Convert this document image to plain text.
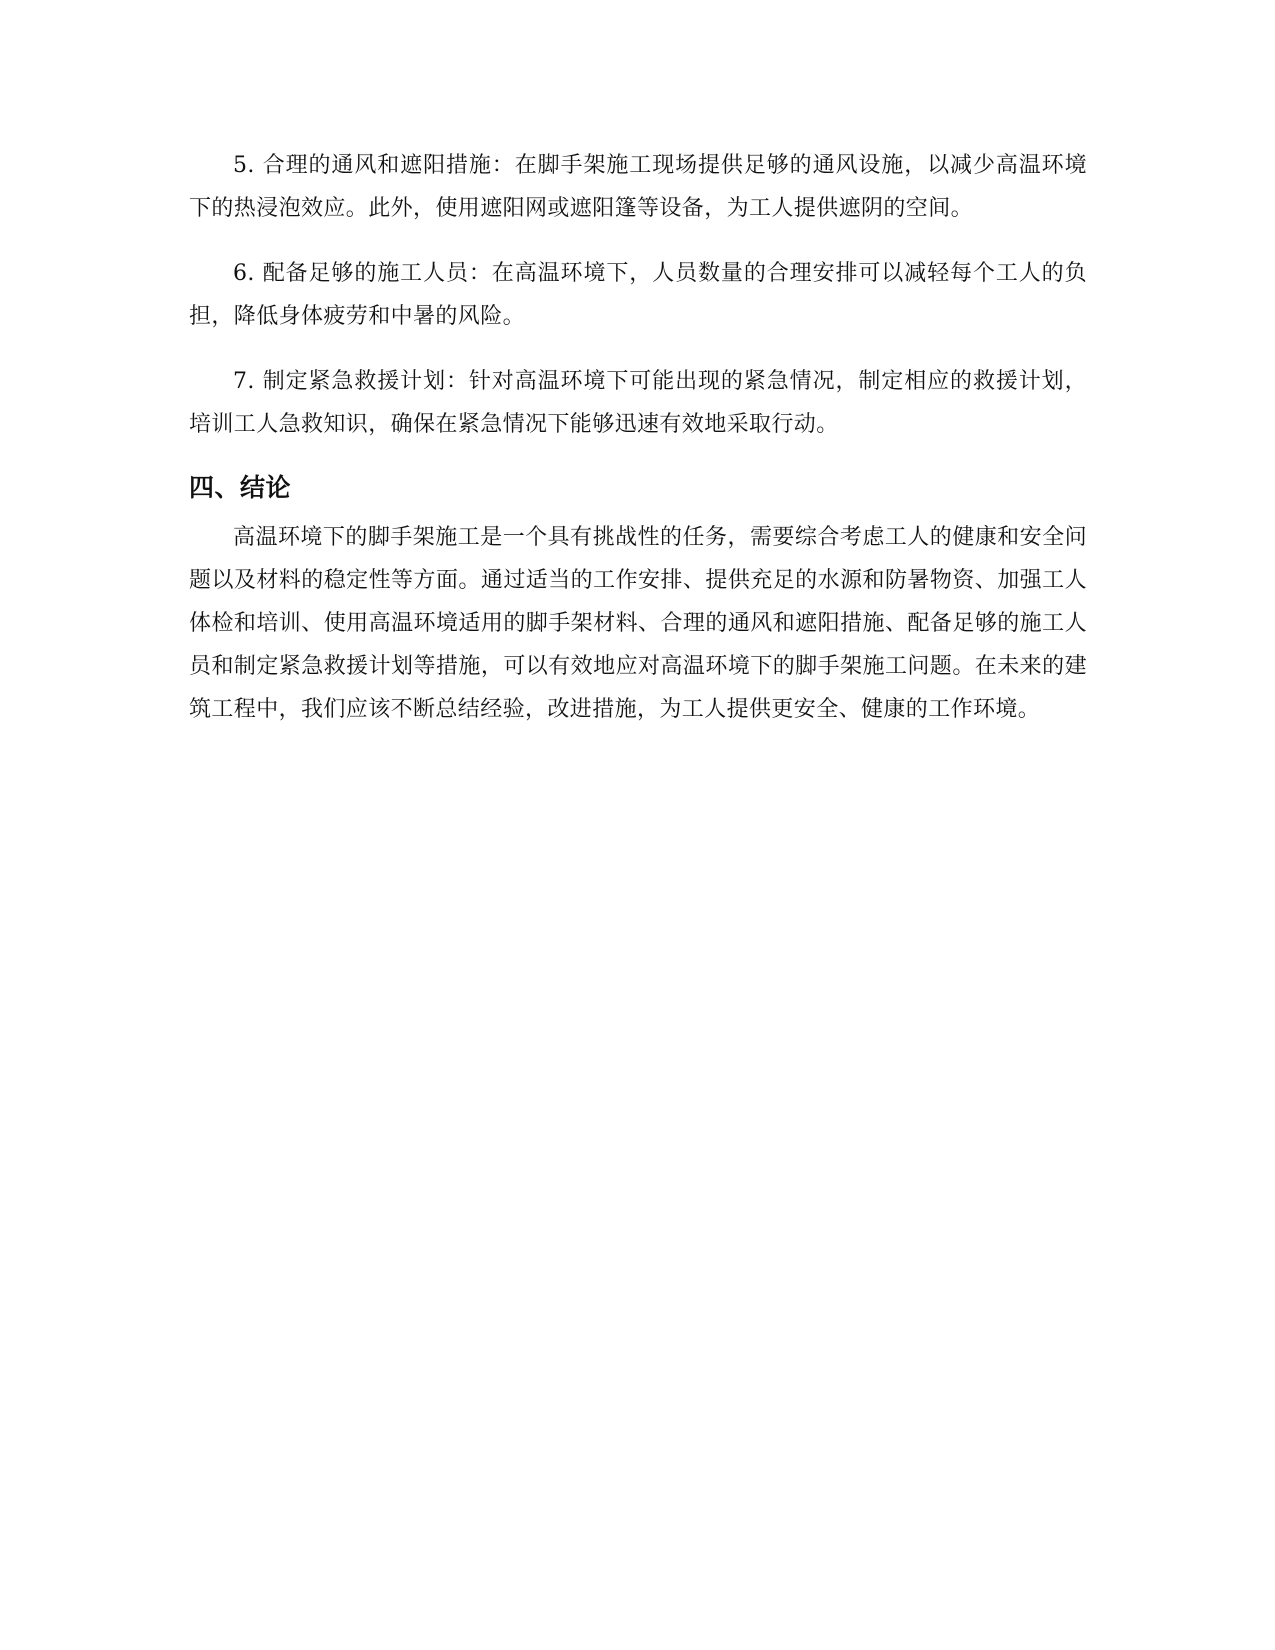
5. 合理的通风和遮阳措施：在脚手架施工现场提供足够的通风设施，以减少高温环境下的热浸泡效应。此外，使用遮阳网或遮阳篷等设备，为工人提供遮阴的空间。

6. 配备足够的施工人员：在高温环境下，人员数量的合理安排可以减轻每个工人的负担，降低身体疲劳和中暑的风险。

7. 制定紧急救援计划：针对高温环境下可能出现的紧急情况，制定相应的救援计划，培训工人急救知识，确保在紧急情况下能够迅速有效地采取行动。

四、结论

高温环境下的脚手架施工是一个具有挑战性的任务，需要综合考虑工人的健康和安全问题以及材料的稳定性等方面。通过适当的工作安排、提供充足的水源和防暑物资、加强工人体检和培训、使用高温环境适用的脚手架材料、合理的通风和遮阳措施、配备足够的施工人员和制定紧急救援计划等措施，可以有效地应对高温环境下的脚手架施工问题。在未来的建筑工程中，我们应该不断总结经验，改进措施，为工人提供更安全、健康的工作环境。
